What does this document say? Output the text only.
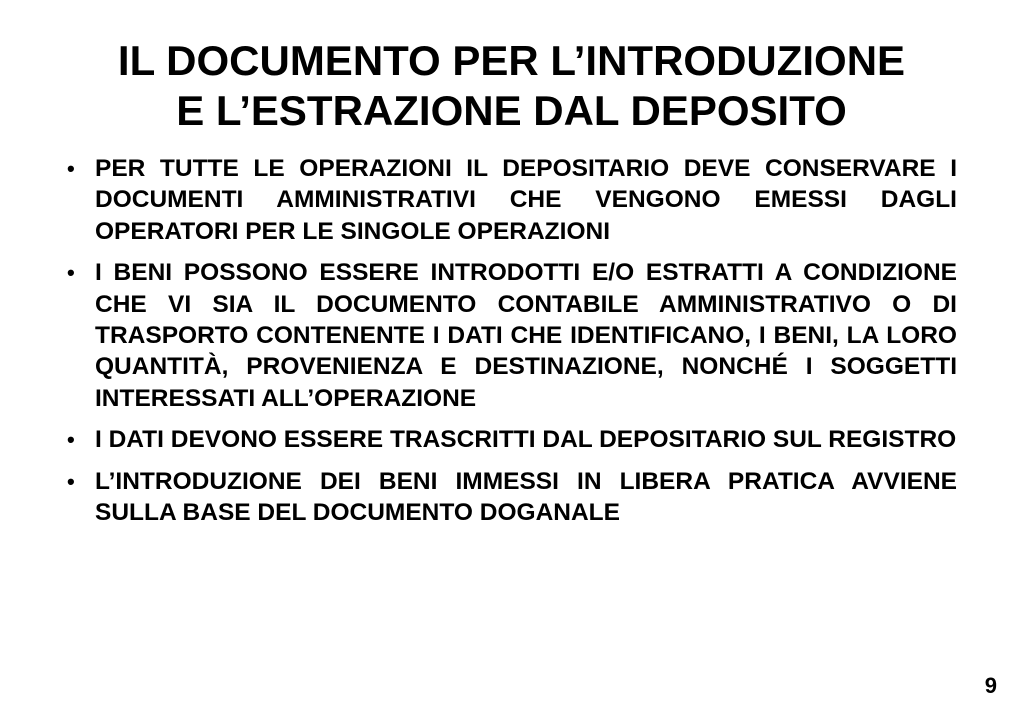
IL DOCUMENTO PER L’INTRODUZIONE
E L’ESTRAZIONE DAL DEPOSITO
• PER TUTTE LE OPERAZIONI IL DEPOSITARIO DEVE CONSERVARE I DOCUMENTI AMMINISTRATIVI CHE VENGONO EMESSI DAGLI OPERATORI PER LE SINGOLE OPERAZIONI
• I BENI POSSONO ESSERE INTRODOTTI E/O ESTRATTI A CONDIZIONE CHE VI SIA IL DOCUMENTO CONTABILE AMMINISTRATIVO O DI TRASPORTO CONTENENTE I DATI CHE IDENTIFICANO, I BENI, LA LORO QUANTITÀ, PROVENIENZA E DESTINAZIONE, NONCHÉ I SOGGETTI INTERESSATI ALL’OPERAZIONE
• I DATI DEVONO ESSERE TRASCRITTI DAL DEPOSITARIO SUL REGISTRO
• L’INTRODUZIONE DEI BENI IMMESSI IN LIBERA PRATICA AVVIENE SULLA BASE DEL DOCUMENTO DOGANALE
9
